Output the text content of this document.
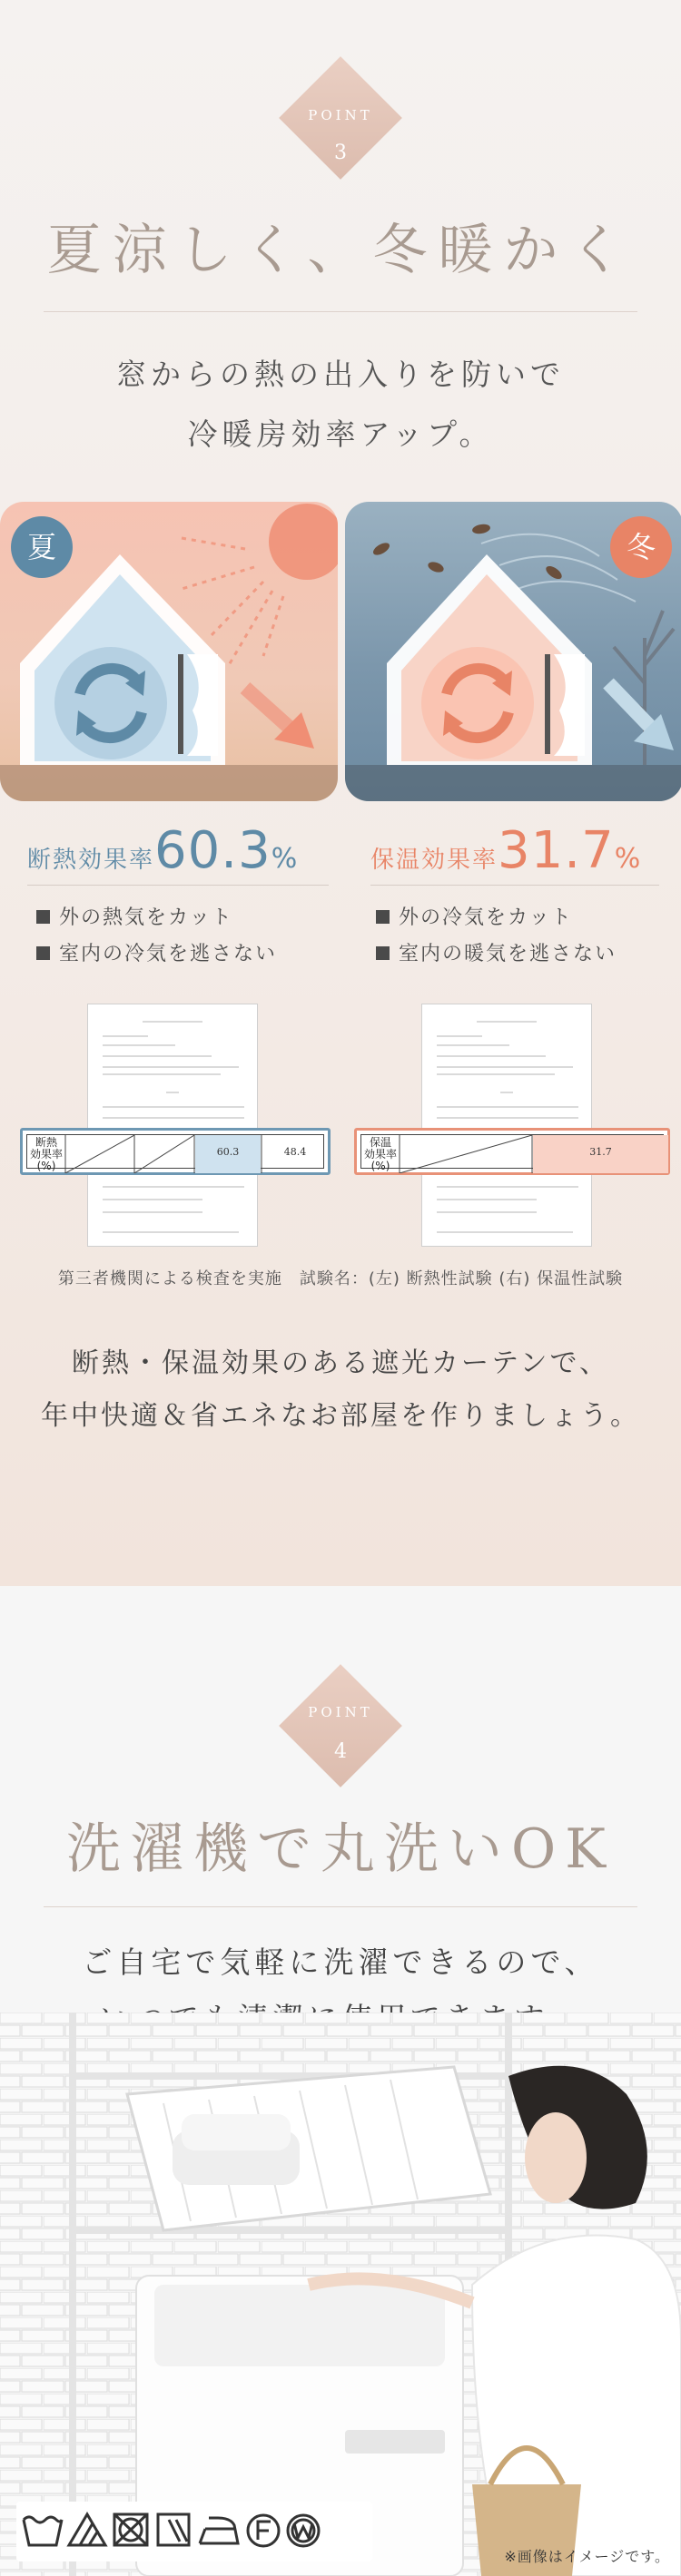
POINT
3
夏涼しく、冬暖かく
窓からの熱の出入りを防いで
冷暖房効率アップ。
夏	冬
断熱効果率60.3%	保温効果率31.7%
外の熱気をカット
室内の冷気を逃さない
外の冷気をカット
室内の暖気を逃さない
断熱
効果率
(%)
60.3	48.4
保温
効果率
(%)
31.7
第三者機関による検査を実施　試験名：(左) 断熱性試験 (右) 保温性試験
断熱・保温効果のある遮光カーテンで、
年中快適＆省エネなお部屋を作りましょう。
POINT
4
洗濯機で丸洗いOK
ご自宅で気軽に洗濯できるので、
※画像はイメージです。
